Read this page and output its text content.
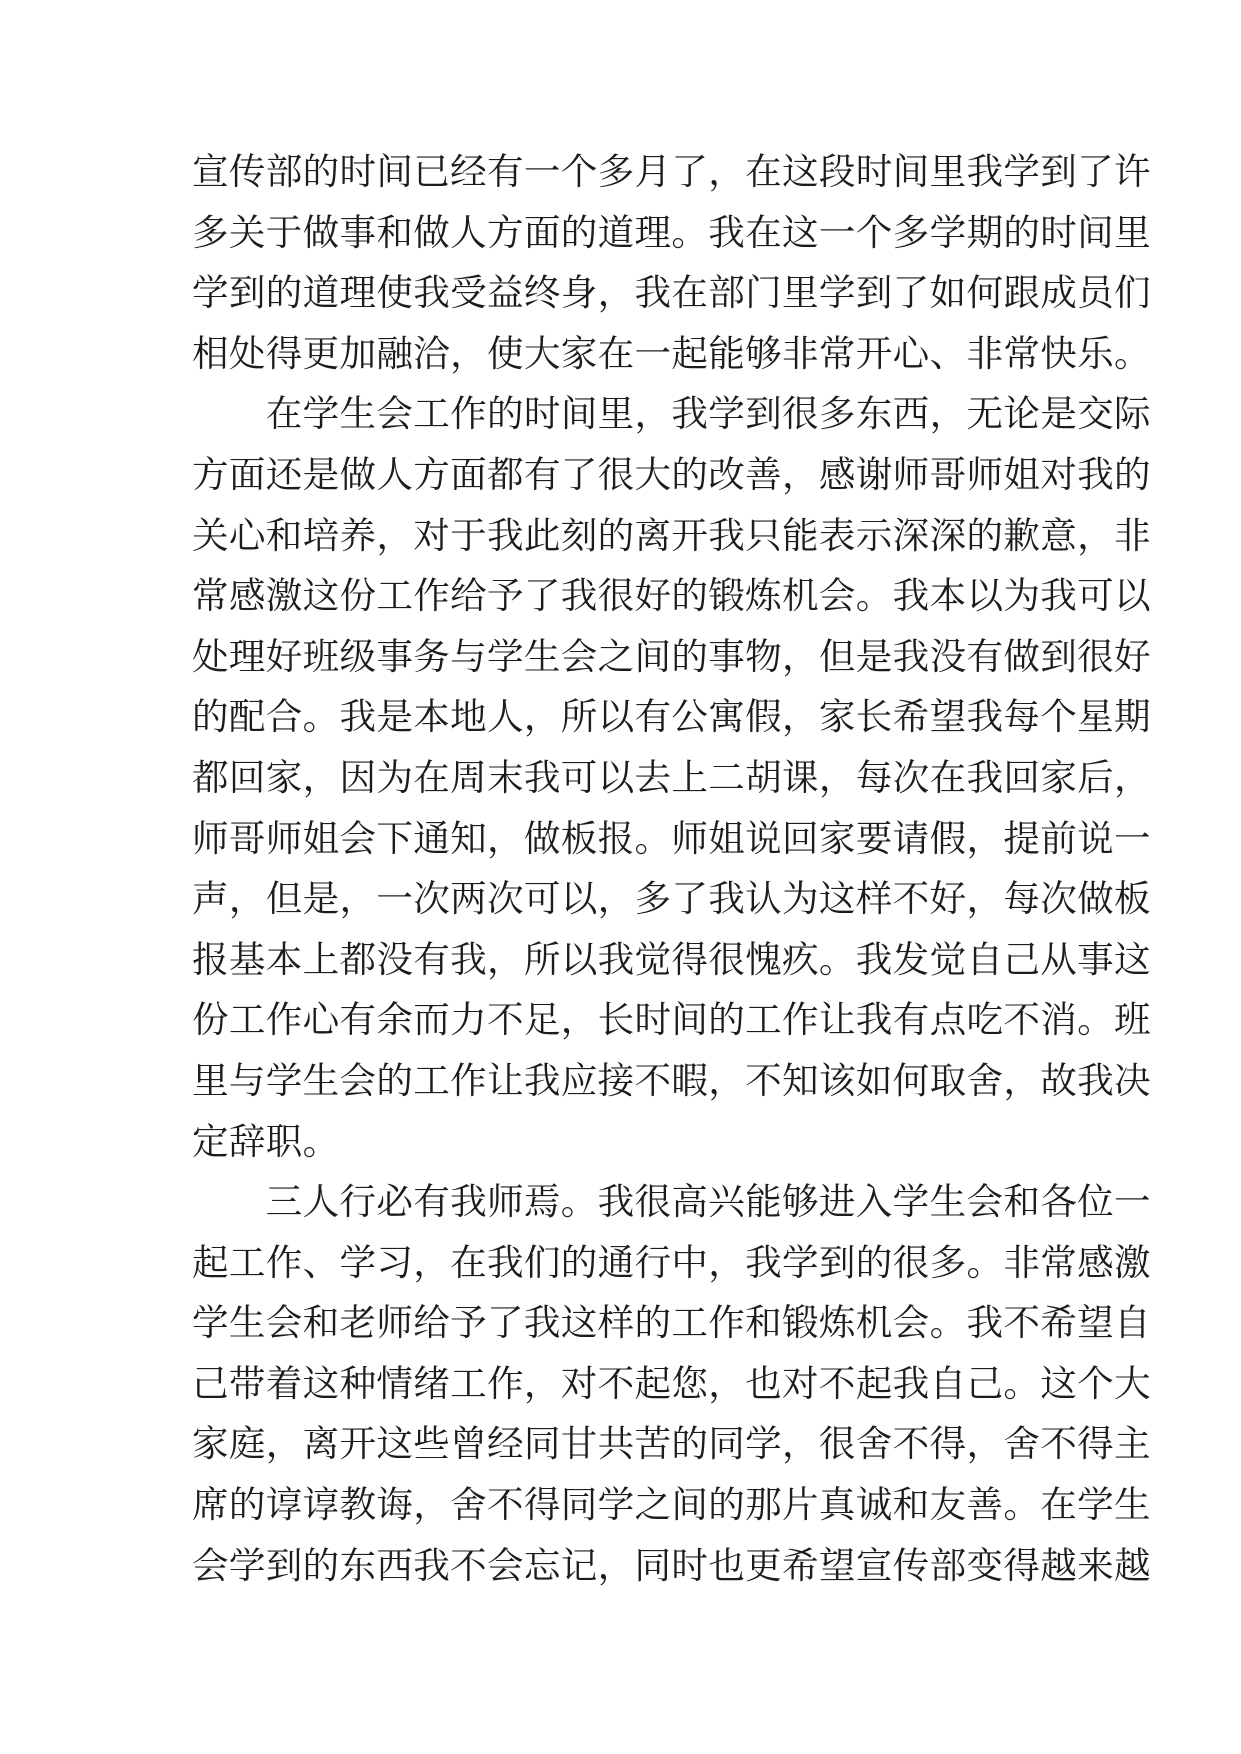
宣传部的时间已经有一个多月了，在这段时间里我学到了许
多关于做事和做人方面的道理。我在这一个多学期的时间里
学到的道理使我受益终身，我在部门里学到了如何跟成员们
相处得更加融洽，使大家在一起能够非常开心、非常快乐。
　　在学生会工作的时间里，我学到很多东西，无论是交际
方面还是做人方面都有了很大的改善，感谢师哥师姐对我的
关心和培养，对于我此刻的离开我只能表示深深的歉意，非
常感激这份工作给予了我很好的锻炼机会。我本以为我可以
处理好班级事务与学生会之间的事物，但是我没有做到很好
的配合。我是本地人，所以有公寓假，家长希望我每个星期
都回家，因为在周末我可以去上二胡课，每次在我回家后，
师哥师姐会下通知，做板报。师姐说回家要请假，提前说一
声，但是，一次两次可以，多了我认为这样不好，每次做板
报基本上都没有我，所以我觉得很愧疚。我发觉自己从事这
份工作心有余而力不足，长时间的工作让我有点吃不消。班
里与学生会的工作让我应接不暇，不知该如何取舍，故我决
定辞职。
　　三人行必有我师焉。我很高兴能够进入学生会和各位一
起工作、学习，在我们的通行中，我学到的很多。非常感激
学生会和老师给予了我这样的工作和锻炼机会。我不希望自
己带着这种情绪工作，对不起您，也对不起我自己。这个大
家庭，离开这些曾经同甘共苦的同学，很舍不得，舍不得主
席的谆谆教诲，舍不得同学之间的那片真诚和友善。在学生
会学到的东西我不会忘记，同时也更希望宣传部变得越来越
